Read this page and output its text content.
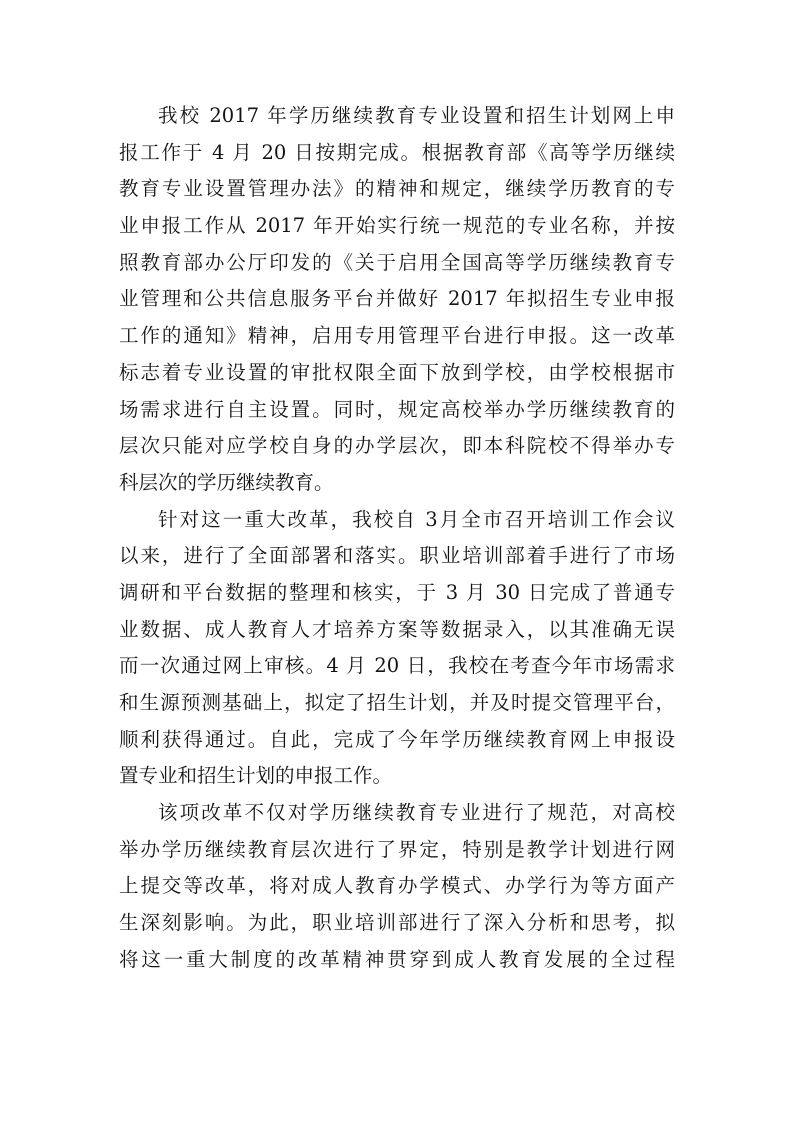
我校 2017 年学历继续教育专业设置和招生计划网上申
报工作于 4 月 20 日按期完成。根据教育部《高等学历继续
教育专业设置管理办法》的精神和规定，继续学历教育的专
业申报工作从 2017 年开始实行统一规范的专业名称，并按
照教育部办公厅印发的《关于启用全国高等学历继续教育专
业管理和公共信息服务平台并做好 2017 年拟招生专业申报
工作的通知》精神，启用专用管理平台进行申报。这一改革
标志着专业设置的审批权限全面下放到学校，由学校根据市
场需求进行自主设置。同时，规定高校举办学历继续教育的
层次只能对应学校自身的办学层次，即本科院校不得举办专
科层次的学历继续教育。
针对这一重大改革，我校自 3月全市召开培训工作会议
以来，进行了全面部署和落实。职业培训部着手进行了市场
调研和平台数据的整理和核实，于 3 月 30 日完成了普通专
业数据、成人教育人才培养方案等数据录入，以其准确无误
而一次通过网上审核。4 月 20 日，我校在考查今年市场需求
和生源预测基础上，拟定了招生计划，并及时提交管理平台，
顺利获得通过。自此，完成了今年学历继续教育网上申报设
置专业和招生计划的申报工作。
该项改革不仅对学历继续教育专业进行了规范，对高校
举办学历继续教育层次进行了界定，特别是教学计划进行网
上提交等改革，将对成人教育办学模式、办学行为等方面产
生深刻影响。为此，职业培训部进行了深入分析和思考，拟
将这一重大制度的改革精神贯穿到成人教育发展的全过程
